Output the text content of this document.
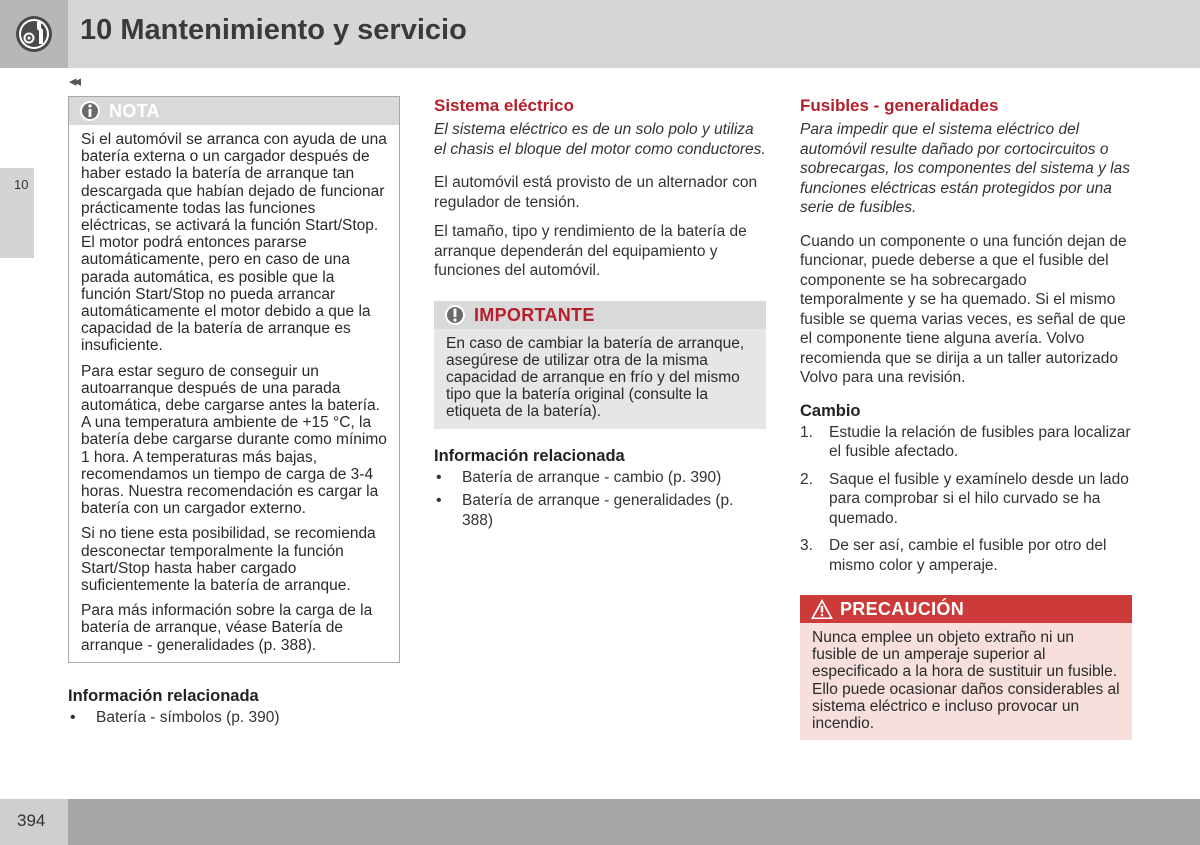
10 Mantenimiento y servicio
◂◂
10
NOTA

Si el automóvil se arranca con ayuda de una batería externa o un cargador después de haber estado la batería de arranque tan descargada que habían dejado de funcionar prácticamente todas las funciones eléctricas, se activará la función Start/Stop. El motor podrá entonces pararse automáticamente, pero en caso de una parada automática, es posible que la función Start/Stop no pueda arrancar automáticamente el motor debido a que la capacidad de la batería de arranque es insuficiente.

Para estar seguro de conseguir un autoarranque después de una parada automática, debe cargarse antes la batería. A una temperatura ambiente de +15 °C, la batería debe cargarse durante como mínimo 1 hora. A temperaturas más bajas, recomendamos un tiempo de carga de 3-4 horas. Nuestra recomendación es cargar la batería con un cargador externo.

Si no tiene esta posibilidad, se recomienda desconectar temporalmente la función Start/Stop hasta haber cargado suficientemente la batería de arranque.

Para más información sobre la carga de la batería de arranque, véase Batería de arranque - generalidades (p. 388).

Información relacionada
• Batería - símbolos (p. 390)
Sistema eléctrico

El sistema eléctrico es de un solo polo y utiliza el chasis el bloque del motor como conductores.

El automóvil está provisto de un alternador con regulador de tensión.

El tamaño, tipo y rendimiento de la batería de arranque dependerán del equipamiento y funciones del automóvil.

IMPORTANTE

En caso de cambiar la batería de arranque, asegúrese de utilizar otra de la misma capacidad de arranque en frío y del mismo tipo que la batería original (consulte la etiqueta de la batería).

Información relacionada
• Batería de arranque - cambio (p. 390)
• Batería de arranque - generalidades (p. 388)
Fusibles - generalidades

Para impedir que el sistema eléctrico del automóvil resulte dañado por cortocircuitos o sobrecargas, los componentes del sistema y las funciones eléctricas están protegidos por una serie de fusibles.

Cuando un componente o una función dejan de funcionar, puede deberse a que el fusible del componente se ha sobrecargado temporalmente y se ha quemado. Si el mismo fusible se quema varias veces, es señal de que el componente tiene alguna avería. Volvo recomienda que se dirija a un taller autorizado Volvo para una revisión.

Cambio
1. Estudie la relación de fusibles para localizar el fusible afectado.
2. Saque el fusible y examínelo desde un lado para comprobar si el hilo curvado se ha quemado.
3. De ser así, cambie el fusible por otro del mismo color y amperaje.
PRECAUCIÓN

Nunca emplee un objeto extraño ni un fusible de un amperaje superior al especificado a la hora de sustituir un fusible. Ello puede ocasionar daños considerables al sistema eléctrico e incluso provocar un incendio.

394
